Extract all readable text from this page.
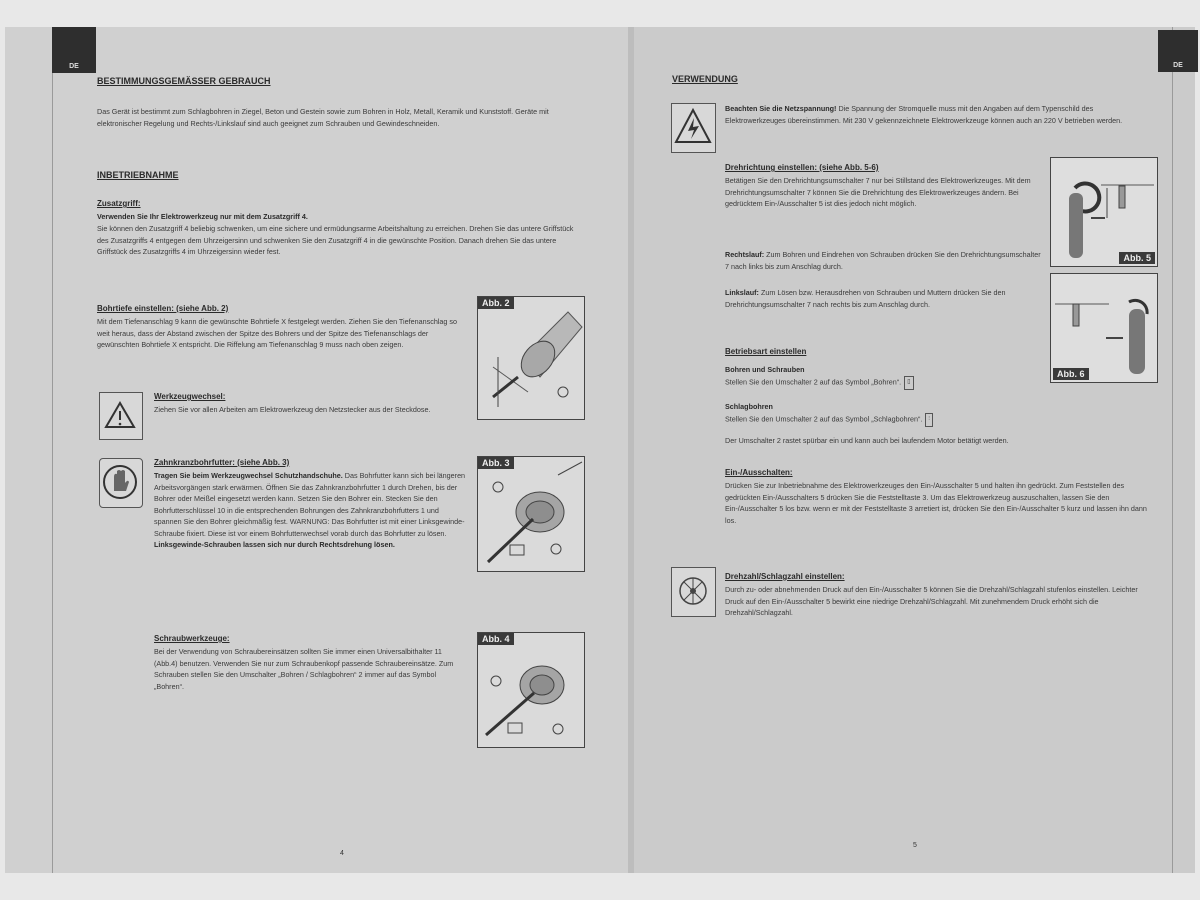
DE	DE
BESTIMMUNGSGEMÄSSER GEBRAUCH
Das Gerät ist bestimmt zum Schlagbohren in Ziegel, Beton und Gestein sowie zum Bohren in Holz, Metall, Keramik und Kunststoff. Geräte mit elektronischer Regelung und Rechts-/Linkslauf sind auch geeignet zum Schrauben und Gewindeschneiden.
INBETRIEBNAHME
Zusatzgriff:
Verwenden Sie Ihr Elektrowerkzeug nur mit dem Zusatzgriff 4.
Sie können den Zusatzgriff 4 beliebig schwenken, um eine sichere und ermüdungsarme Arbeitshaltung zu erreichen. Drehen Sie das untere Griffstück des Zusatzgriffs 4 entgegen dem Uhrzeigersinn und schwenken Sie den Zusatzgriff 4 in die gewünschte Position. Danach drehen Sie das untere Griffstück des Zusatzgriffs 4 im Uhrzeigersinn wieder fest.
Bohrtiefe einstellen: (siehe Abb. 2)
Mit dem Tiefenanschlag 9 kann die gewünschte Bohrtiefe X festgelegt werden. Ziehen Sie den Tiefenanschlag so weit heraus, dass der Abstand zwischen der Spitze des Bohrers und der Spitze des Tiefenanschlags der gewünschten Bohrtiefe X entspricht. Die Riffelung am Tiefenanschlag 9 muss nach oben zeigen.
Abb. 2
Werkzeugwechsel:
Ziehen Sie vor allen Arbeiten am Elektrowerkzeug den Netzstecker aus der Steckdose.
Zahnkranzbohrfutter: (siehe Abb. 3)
Tragen Sie beim Werkzeugwechsel Schutzhandschuhe. Das Bohrfutter kann sich bei längeren Arbeitsvorgängen stark erwärmen. Öffnen Sie das Zahnkranzbohrfutter 1 durch Drehen, bis der Bohrer oder Meißel eingesetzt werden kann. Setzen Sie den Bohrer ein. Stecken Sie den Bohrfutterschlüssel 10 in die entsprechenden Bohrungen des Zahnkranzbohrfutters 1 und spannen Sie den Bohrer gleichmäßig fest. WARNUNG: Das Bohrfutter ist mit einer Linksgewinde-Schraube fixiert. Diese ist vor einem Bohrfutterwechsel vorab durch das Bohrfutter zu lösen. Linksgewinde-Schrauben lassen sich nur durch Rechtsdrehung lösen.
Abb. 3
Schraubwerkzeuge:
Bei der Verwendung von Schraubereinsätzen sollten Sie immer einen Universalbithalter 11 (Abb.4) benutzen. Verwenden Sie nur zum Schraubenkopf passende Schraubereinsätze. Zum Schrauben stellen Sie den Umschalter „Bohren / Schlagbohren“ 2 immer auf das Symbol „Bohren“.
Abb. 4
4
VERWENDUNG
Beachten Sie die Netzspannung! Die Spannung der Stromquelle muss mit den Angaben auf dem Typenschild des Elektrowerkzeuges übereinstimmen. Mit 230 V gekennzeichnete Elektrowerkzeuge können auch an 220 V betrieben werden.
Drehrichtung einstellen: (siehe Abb. 5-6)
Betätigen Sie den Drehrichtungsumschalter 7 nur bei Stillstand des Elektrowerkzeuges. Mit dem Drehrichtungsumschalter 7 können Sie die Drehrichtung des Elektrowerkzeuges ändern. Bei gedrücktem Ein-/Ausschalter 5 ist dies jedoch nicht möglich.
Abb. 5
Rechtslauf: Zum Bohren und Eindrehen von Schrauben drücken Sie den Drehrichtungsumschalter 7 nach links bis zum Anschlag durch.
Linkslauf: Zum Lösen bzw. Herausdrehen von Schrauben und Muttern drücken Sie den Drehrichtungsumschalter 7 nach rechts bis zum Anschlag durch.
Abb. 6
Betriebsart einstellen
Bohren und Schrauben
Stellen Sie den Umschalter 2 auf das Symbol „Bohren“. ▯
Schlagbohren
Stellen Sie den Umschalter 2 auf das Symbol „Schlagbohren“. ⫶
Der Umschalter 2 rastet spürbar ein und kann auch bei laufendem Motor betätigt werden.
Ein-/Ausschalten:
Drücken Sie zur Inbetriebnahme des Elektrowerkzeuges den Ein-/Ausschalter 5 und halten ihn gedrückt. Zum Feststellen des gedrückten Ein-/Ausschalters 5 drücken Sie die Feststelltaste 3. Um das Elektrowerkzeug auszuschalten, lassen Sie den Ein-/Ausschalter 5 los bzw. wenn er mit der Feststelltaste 3 arretiert ist, drücken Sie den Ein-/Ausschalter 5 kurz und lassen ihn dann los.
Drehzahl/Schlagzahl einstellen:
Durch zu- oder abnehmenden Druck auf den Ein-/Ausschalter 5 können Sie die Drehzahl/Schlagzahl stufenlos einstellen. Leichter Druck auf den Ein-/Ausschalter 5 bewirkt eine niedrige Drehzahl/Schlagzahl. Mit zunehmendem Druck erhöht sich die Drehzahl/Schlagzahl.
5
